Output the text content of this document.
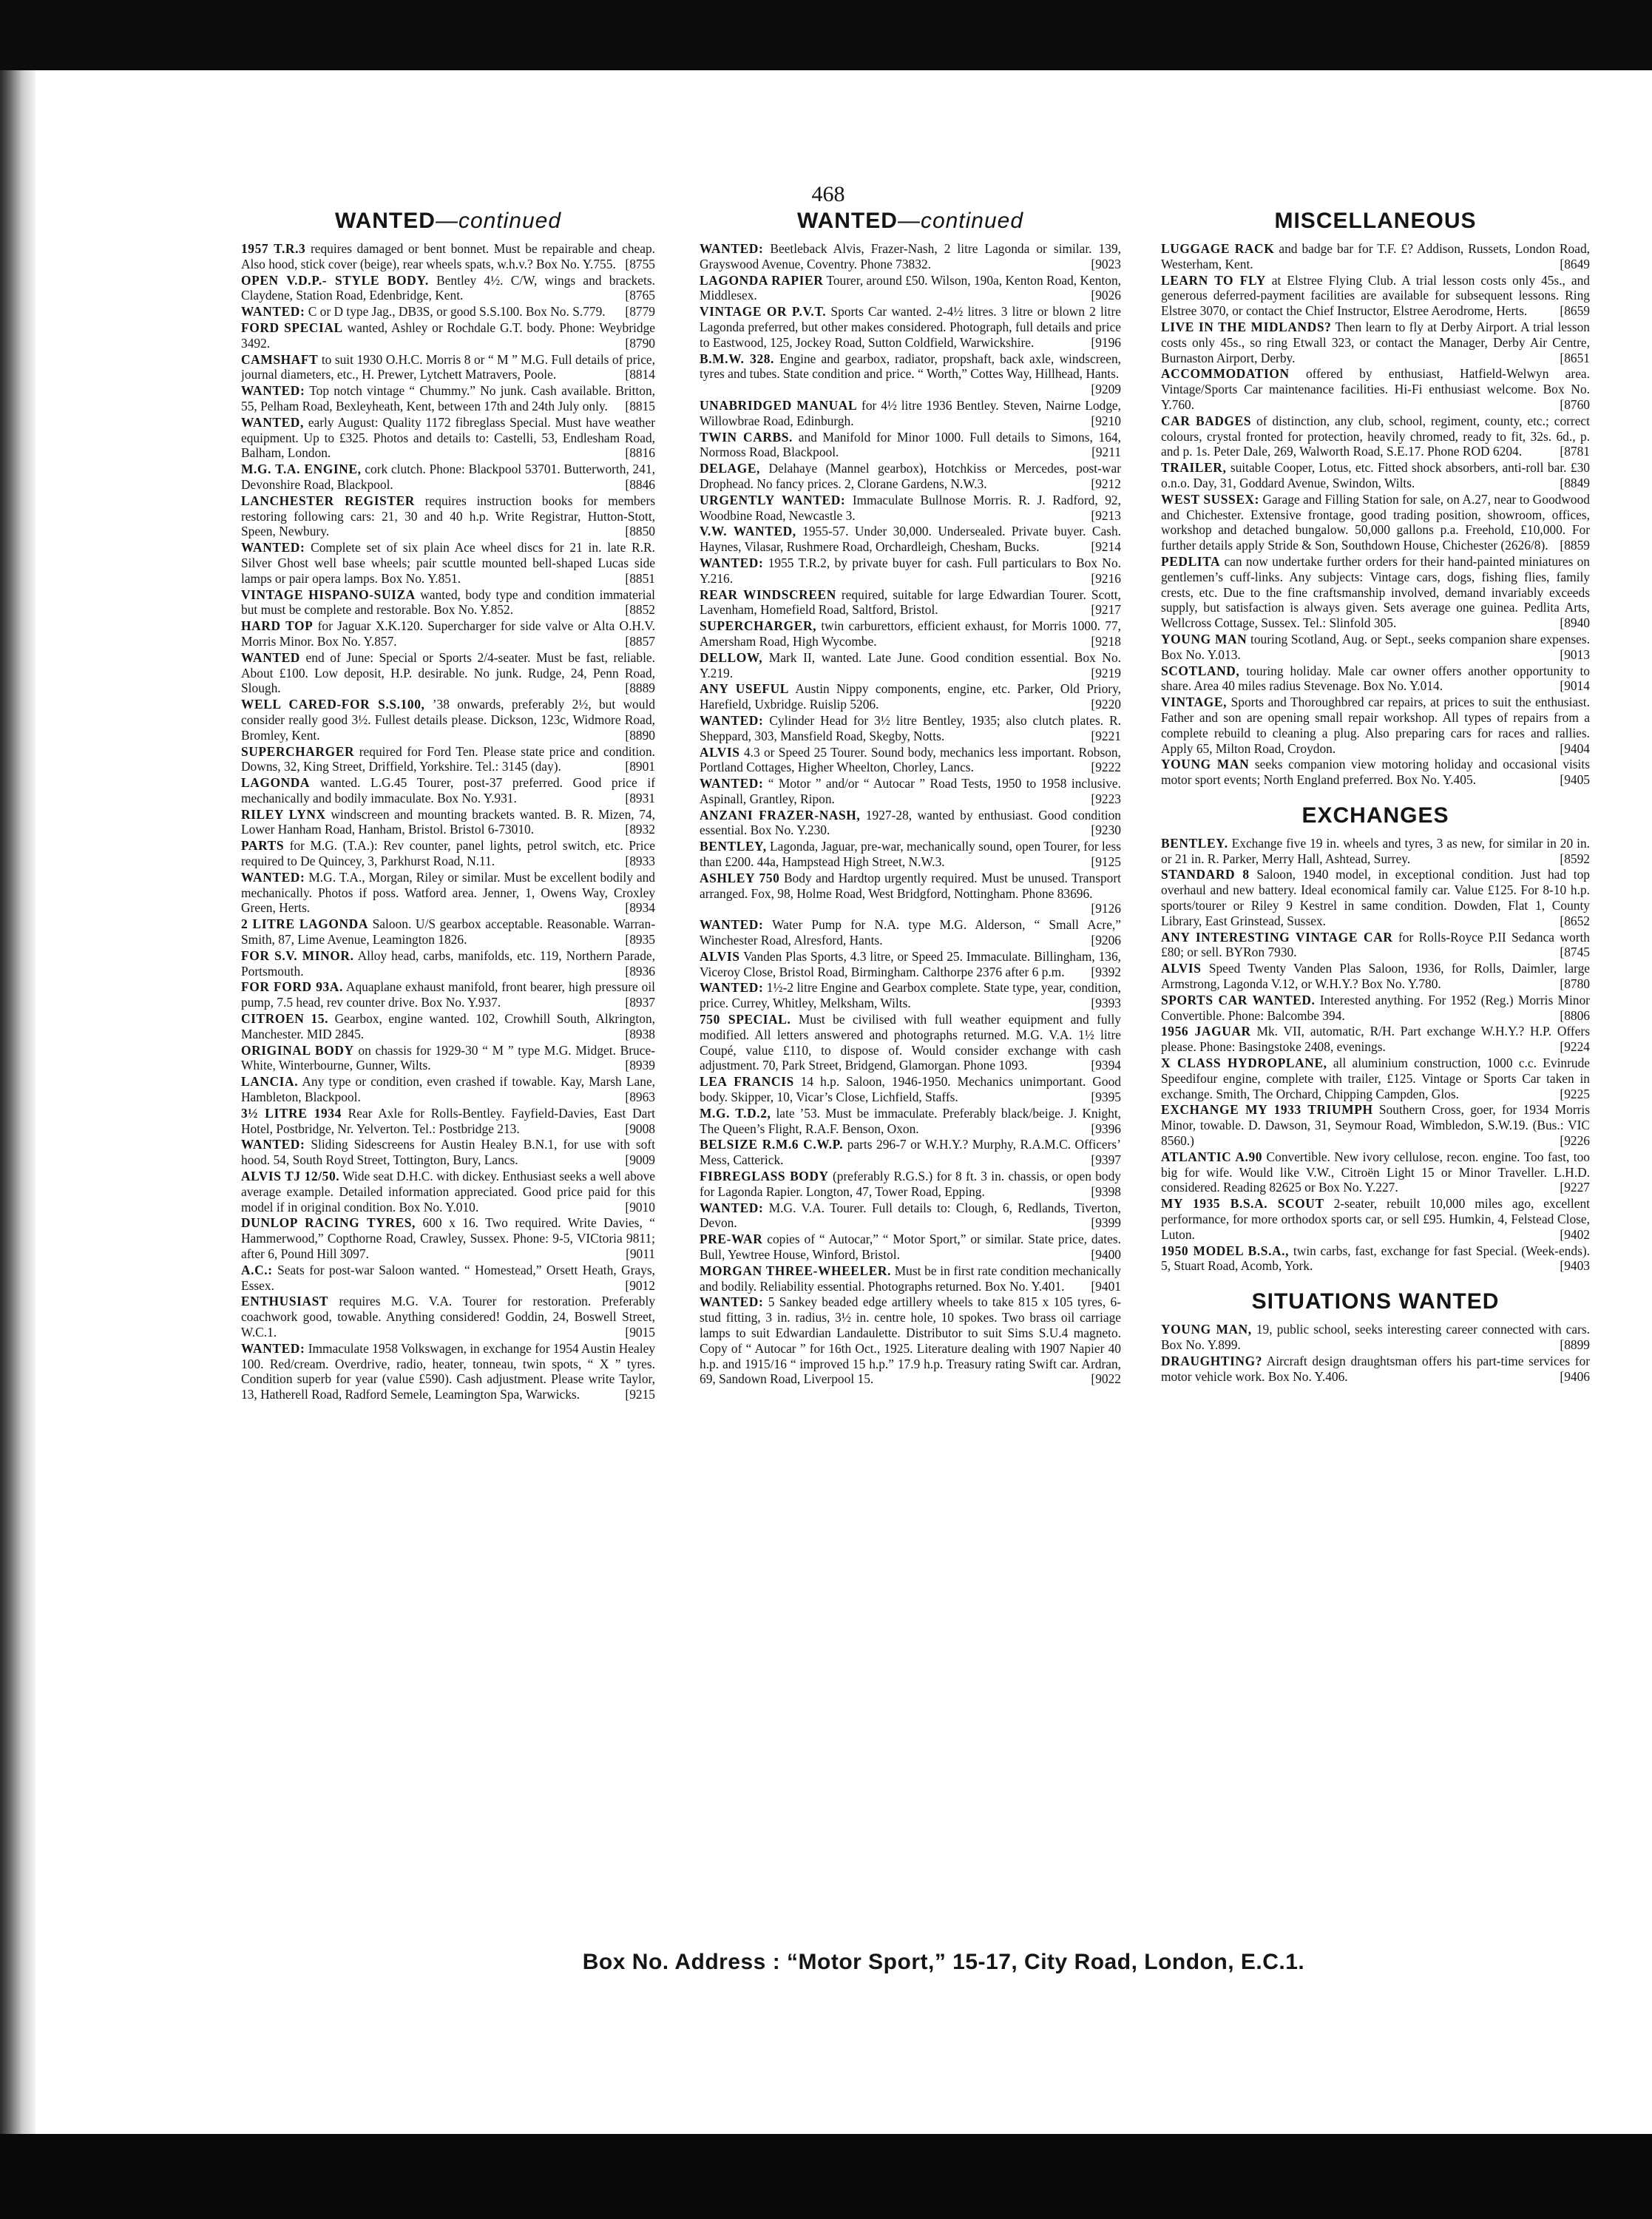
468
WANTED—continued

1957 T.R.3 requires damaged or bent bonnet. Must be repairable and cheap. Also hood, stick cover (beige), rear wheels spats, w.h.v.? Box No. Y.755. [8755

OPEN V.D.P.- STYLE BODY. Bentley 4½. C/W, wings and brackets. Claydene, Station Road, Edenbridge, Kent.	[8765

WANTED: C or D type Jag., DB3S, or good S.S.100. Box No. S.779.	[8779

FORD SPECIAL wanted, Ashley or Rochdale G.T. body. Phone: Weybridge 3492.	[8790

CAMSHAFT to suit 1930 O.H.C. Morris 8 or “ M ” M.G. Full details of price, journal diameters, etc., H. Prewer, Lytchett Matravers, Poole.	[8814

WANTED: Top notch vintage “ Chummy.” No junk. Cash available. Britton, 55, Pelham Road, Bexleyheath, Kent, between 17th and 24th July only.	[8815

WANTED, early August: Quality 1172 fibreglass Special. Must have weather equipment. Up to £325. Photos and details to: Castelli, 53, Endlesham Road, Balham, London.	[8816

M.G. T.A. ENGINE, cork clutch. Phone: Blackpool 53701. Butterworth, 241, Devonshire Road, Blackpool.	[8846

LANCHESTER REGISTER requires instruction books for members restoring following cars: 21, 30 and 40 h.p. Write Registrar, Hutton-Stott, Speen, Newbury.	[8850

WANTED: Complete set of six plain Ace wheel discs for 21 in. late R.R. Silver Ghost well base wheels; pair scuttle mounted bell-shaped Lucas side lamps or pair opera lamps. Box No. Y.851.	[8851

VINTAGE HISPANO-SUIZA wanted, body type and condition immaterial but must be complete and restorable. Box No. Y.852.	[8852

HARD TOP for Jaguar X.K.120. Supercharger for side valve or Alta O.H.V. Morris Minor. Box No. Y.857.	[8857

WANTED end of June: Special or Sports 2/4-seater. Must be fast, reliable. About £100. Low deposit, H.P. desirable. No junk. Rudge, 24, Penn Road, Slough.	[8889

WELL CARED-FOR S.S.100, ’38 onwards, preferably 2½, but would consider really good 3½. Fullest details please. Dickson, 123c, Widmore Road, Bromley, Kent.	[8890

SUPERCHARGER required for Ford Ten. Please state price and condition. Downs, 32, King Street, Driffield, Yorkshire. Tel.: 3145 (day).	[8901

LAGONDA wanted. L.G.45 Tourer, post-37 preferred. Good price if mechanically and bodily immaculate. Box No. Y.931.	[8931

RILEY LYNX windscreen and mounting brackets wanted. B. R. Mizen, 74, Lower Hanham Road, Hanham, Bristol. Bristol 6-73010.	[8932

PARTS for M.G. (T.A.): Rev counter, panel lights, petrol switch, etc. Price required to De Quincey, 3, Parkhurst Road, N.11.	[8933

WANTED: M.G. T.A., Morgan, Riley or similar. Must be excellent bodily and mechanically. Photos if poss. Watford area. Jenner, 1, Owens Way, Croxley Green, Herts.	[8934

2 LITRE LAGONDA Saloon. U/S gearbox acceptable. Reasonable. Warran-Smith, 87, Lime Avenue, Leamington 1826.	[8935

FOR S.V. MINOR. Alloy head, carbs, manifolds, etc. 119, Northern Parade, Portsmouth.	[8936

FOR FORD 93A. Aquaplane exhaust manifold, front bearer, high pressure oil pump, 7.5 head, rev counter drive. Box No. Y.937.	[8937

CITROEN 15. Gearbox, engine wanted. 102, Crowhill South, Alkrington, Manchester. MID 2845.	[8938

ORIGINAL BODY on chassis for 1929-30 “ M ” type M.G. Midget. Bruce-White, Winterbourne, Gunner, Wilts.	[8939

LANCIA. Any type or condition, even crashed if towable. Kay, Marsh Lane, Hambleton, Blackpool.	[8963

3½ LITRE 1934 Rear Axle for Rolls-Bentley. Fayfield-Davies, East Dart Hotel, Postbridge, Nr. Yelverton. Tel.: Postbridge 213.	[9008

WANTED: Sliding Sidescreens for Austin Healey B.N.1, for use with soft hood. 54, South Royd Street, Tottington, Bury, Lancs.	[9009

ALVIS TJ 12/50. Wide seat D.H.C. with dickey. Enthusiast seeks a well above average example. Detailed information appreciated. Good price paid for this model if in original condition. Box No. Y.010.	[9010

DUNLOP RACING TYRES, 600 x 16. Two required. Write Davies, “ Hammerwood,” Copthorne Road, Crawley, Sussex. Phone: 9-5, VICtoria 9811; after 6, Pound Hill 3097.	[9011

A.C.: Seats for post-war Saloon wanted. “ Homestead,” Orsett Heath, Grays, Essex.	[9012

ENTHUSIAST requires M.G. V.A. Tourer for restoration. Preferably coachwork good, towable. Anything considered! Goddin, 24, Boswell Street, W.C.1.	[9015

WANTED: Immaculate 1958 Volkswagen, in exchange for 1954 Austin Healey 100. Red/cream. Overdrive, radio, heater, tonneau, twin spots, “ X ” tyres. Condition superb for year (value £590). Cash adjustment. Please write Taylor, 13, Hatherell Road, Radford Semele, Leamington Spa, Warwicks.	[9215

WANTED—continued

WANTED: Beetleback Alvis, Frazer-Nash, 2 litre Lagonda or similar. 139, Grayswood Avenue, Coventry. Phone 73832.	[9023

LAGONDA RAPIER Tourer, around £50. Wilson, 190a, Kenton Road, Kenton, Middlesex.	[9026

VINTAGE OR P.V.T. Sports Car wanted. 2-4½ litres. 3 litre or blown 2 litre Lagonda preferred, but other makes considered. Photograph, full details and price to Eastwood, 125, Jockey Road, Sutton Coldfield, Warwickshire.	[9196

B.M.W. 328. Engine and gearbox, radiator, propshaft, back axle, windscreen, tyres and tubes. State condition and price. “ Worth,” Cottes Way, Hillhead, Hants.
[9209

UNABRIDGED MANUAL for 4½ litre 1936 Bentley. Steven, Nairne Lodge, Willowbrae Road, Edinburgh.	[9210

TWIN CARBS. and Manifold for Minor 1000. Full details to Simons, 164, Normoss Road, Blackpool.	[9211

DELAGE, Delahaye (Mannel gearbox), Hotchkiss or Mercedes, post-war Drophead. No fancy prices. 2, Clorane Gardens, N.W.3.	[9212

URGENTLY WANTED: Immaculate Bullnose Morris. R. J. Radford, 92, Woodbine Road, Newcastle 3.	[9213

V.W. WANTED, 1955-57. Under 30,000. Undersealed. Private buyer. Cash. Haynes, Vilasar, Rushmere Road, Orchardleigh, Chesham, Bucks.	[9214

WANTED: 1955 T.R.2, by private buyer for cash. Full particulars to Box No. Y.216.	[9216

REAR WINDSCREEN required, suitable for large Edwardian Tourer. Scott, Lavenham, Homefield Road, Saltford, Bristol.	[9217

SUPERCHARGER, twin carburettors, efficient exhaust, for Morris 1000. 77, Amersham Road, High Wycombe.	[9218

DELLOW, Mark II, wanted. Late June. Good condition essential. Box No. Y.219.	[9219

ANY USEFUL Austin Nippy components, engine, etc. Parker, Old Priory, Harefield, Uxbridge. Ruislip 5206.	[9220

WANTED: Cylinder Head for 3½ litre Bentley, 1935; also clutch plates. R. Sheppard, 303, Mansfield Road, Skegby, Notts.	[9221

ALVIS 4.3 or Speed 25 Tourer. Sound body, mechanics less important. Robson, Portland Cottages, Higher Wheelton, Chorley, Lancs.	[9222

WANTED: “ Motor ” and/or “ Autocar ” Road Tests, 1950 to 1958 inclusive. Aspinall, Grantley, Ripon.	[9223

ANZANI FRAZER-NASH, 1927-28, wanted by enthusiast. Good condition essential. Box No. Y.230.	[9230

BENTLEY, Lagonda, Jaguar, pre-war, mechanically sound, open Tourer, for less than £200. 44a, Hampstead High Street, N.W.3.	[9125

ASHLEY 750 Body and Hardtop urgently required. Must be unused. Transport arranged. Fox, 98, Holme Road, West Bridgford, Nottingham. Phone 83696.
[9126

WANTED: Water Pump for N.A. type M.G. Alderson, “ Small Acre,” Winchester Road, Alresford, Hants.	[9206

ALVIS Vanden Plas Sports, 4.3 litre, or Speed 25. Immaculate. Billingham, 136, Viceroy Close, Bristol Road, Birmingham. Calthorpe 2376 after 6 p.m.	[9392

WANTED: 1½-2 litre Engine and Gearbox complete. State type, year, condition, price. Currey, Whitley, Melksham, Wilts.	[9393

750 SPECIAL. Must be civilised with full weather equipment and fully modified. All letters answered and photographs returned. M.G. V.A. 1½ litre Coupé, value £110, to dispose of. Would consider exchange with cash adjustment. 70, Park Street, Bridgend, Glamorgan. Phone 1093.	[9394

LEA FRANCIS 14 h.p. Saloon, 1946-1950. Mechanics unimportant. Good body. Skipper, 10, Vicar’s Close, Lichfield, Staffs.	[9395

M.G. T.D.2, late ’53. Must be immaculate. Preferably black/beige. J. Knight, The Queen’s Flight, R.A.F. Benson, Oxon.	[9396

BELSIZE R.M.6 C.W.P. parts 296-7 or W.H.Y.? Murphy, R.A.M.C. Officers’ Mess, Catterick.	[9397

FIBREGLASS BODY (preferably R.G.S.) for 8 ft. 3 in. chassis, or open body for Lagonda Rapier. Longton, 47, Tower Road, Epping.	[9398

WANTED: M.G. V.A. Tourer. Full details to: Clough, 6, Redlands, Tiverton, Devon.	[9399

PRE-WAR copies of “ Autocar,” “ Motor Sport,” or similar. State price, dates. Bull, Yewtree House, Winford, Bristol.	[9400

MORGAN THREE-WHEELER. Must be in first rate condition mechanically and bodily. Reliability essential. Photographs returned. Box No. Y.401.	[9401

WANTED: 5 Sankey beaded edge artillery wheels to take 815 x 105 tyres, 6-stud fitting, 3 in. radius, 3½ in. centre hole, 10 spokes. Two brass oil carriage lamps to suit Edwardian Landaulette. Distributor to suit Sims S.U.4 magneto. Copy of “ Autocar ” for 16th Oct., 1925. Literature dealing with 1907 Napier 40 h.p. and 1915/16 “ improved 15 h.p.” 17.9 h.p. Treasury rating Swift car. Ardran, 69, Sandown Road, Liverpool 15.	[9022

MISCELLANEOUS

LUGGAGE RACK and badge bar for T.F. £? Addison, Russets, London Road, Westerham, Kent.	[8649

LEARN TO FLY at Elstree Flying Club. A trial lesson costs only 45s., and generous deferred-payment facilities are available for subsequent lessons. Ring Elstree 3070, or contact the Chief Instructor, Elstree Aerodrome, Herts.	[8659

LIVE IN THE MIDLANDS? Then learn to fly at Derby Airport. A trial lesson costs only 45s., so ring Etwall 323, or contact the Manager, Derby Air Centre, Burnaston Airport, Derby.	[8651

ACCOMMODATION offered by enthusiast, Hatfield-Welwyn area. Vintage/Sports Car maintenance facilities. Hi-Fi enthusiast welcome. Box No. Y.760.	[8760

CAR BADGES of distinction, any club, school, regiment, county, etc.; correct colours, crystal fronted for protection, heavily chromed, ready to fit, 32s. 6d., p. and p. 1s. Peter Dale, 269, Walworth Road, S.E.17. Phone ROD 6204.	[8781

TRAILER, suitable Cooper, Lotus, etc. Fitted shock absorbers, anti-roll bar. £30 o.n.o. Day, 31, Goddard Avenue, Swindon, Wilts.	[8849

WEST SUSSEX: Garage and Filling Station for sale, on A.27, near to Goodwood and Chichester. Extensive frontage, good trading position, showroom, offices, workshop and detached bungalow. 50,000 gallons p.a. Freehold, £10,000. For further details apply Stride & Son, Southdown House, Chichester (2626/8). [8859

PEDLITA can now undertake further orders for their hand-painted miniatures on gentlemen’s cuff-links. Any subjects: Vintage cars, dogs, fishing flies, family crests, etc. Due to the fine craftsmanship involved, demand invariably exceeds supply, but satisfaction is always given. Sets average one guinea. Pedlita Arts, Wellcross Cottage, Sussex. Tel.: Slinfold 305.	[8940

YOUNG MAN touring Scotland, Aug. or Sept., seeks companion share expenses. Box No. Y.013.	[9013

SCOTLAND, touring holiday. Male car owner offers another opportunity to share. Area 40 miles radius Stevenage. Box No. Y.014.	[9014

VINTAGE, Sports and Thoroughbred car repairs, at prices to suit the enthusiast. Father and son are opening small repair workshop. All types of repairs from a complete rebuild to cleaning a plug. Also preparing cars for races and rallies. Apply 65, Milton Road, Croydon.	[9404

YOUNG MAN seeks companion view motoring holiday and occasional visits motor sport events; North England preferred. Box No. Y.405.	[9405

EXCHANGES

BENTLEY. Exchange five 19 in. wheels and tyres, 3 as new, for similar in 20 in. or 21 in. R. Parker, Merry Hall, Ashtead, Surrey.	[8592

STANDARD 8 Saloon, 1940 model, in exceptional condition. Just had top overhaul and new battery. Ideal economical family car. Value £125. For 8-10 h.p. sports/tourer or Riley 9 Kestrel in same condition. Dowden, Flat 1, County Library, East Grinstead, Sussex.	[8652

ANY INTERESTING VINTAGE CAR for Rolls-Royce P.II Sedanca worth £80; or sell. BYRon 7930.	[8745

ALVIS Speed Twenty Vanden Plas Saloon, 1936, for Rolls, Daimler, large Armstrong, Lagonda V.12, or W.H.Y.? Box No. Y.780.	[8780

SPORTS CAR WANTED. Interested anything. For 1952 (Reg.) Morris Minor Convertible. Phone: Balcombe 394.	[8806

1956 JAGUAR Mk. VII, automatic, R/H. Part exchange W.H.Y.? H.P. Offers please. Phone: Basingstoke 2408, evenings.	[9224

X CLASS HYDROPLANE, all aluminium construction, 1000 c.c. Evinrude Speedifour engine, complete with trailer, £125. Vintage or Sports Car taken in exchange. Smith, The Orchard, Chipping Campden, Glos.	[9225

EXCHANGE MY 1933 TRIUMPH Southern Cross, goer, for 1934 Morris Minor, towable. D. Dawson, 31, Seymour Road, Wimbledon, S.W.19. (Bus.: VIC 8560.)	[9226

ATLANTIC A.90 Convertible. New ivory cellulose, recon. engine. Too fast, too big for wife. Would like V.W., Citroën Light 15 or Minor Traveller. L.H.D. considered. Reading 82625 or Box No. Y.227.	[9227

MY 1935 B.S.A. SCOUT 2-seater, rebuilt 10,000 miles ago, excellent performance, for more orthodox sports car, or sell £95. Humkin, 4, Felstead Close, Luton.	[9402

1950 MODEL B.S.A., twin carbs, fast, exchange for fast Special. (Week-ends). 5, Stuart Road, Acomb, York.	[9403

SITUATIONS WANTED

YOUNG MAN, 19, public school, seeks interesting career connected with cars. Box No. Y.899.	[8899

DRAUGHTING? Aircraft design draughtsman offers his part-time services for motor vehicle work. Box No. Y.406.	[9406

Box No. Address : “Motor Sport,” 15-17, City Road, London, E.C.1.
